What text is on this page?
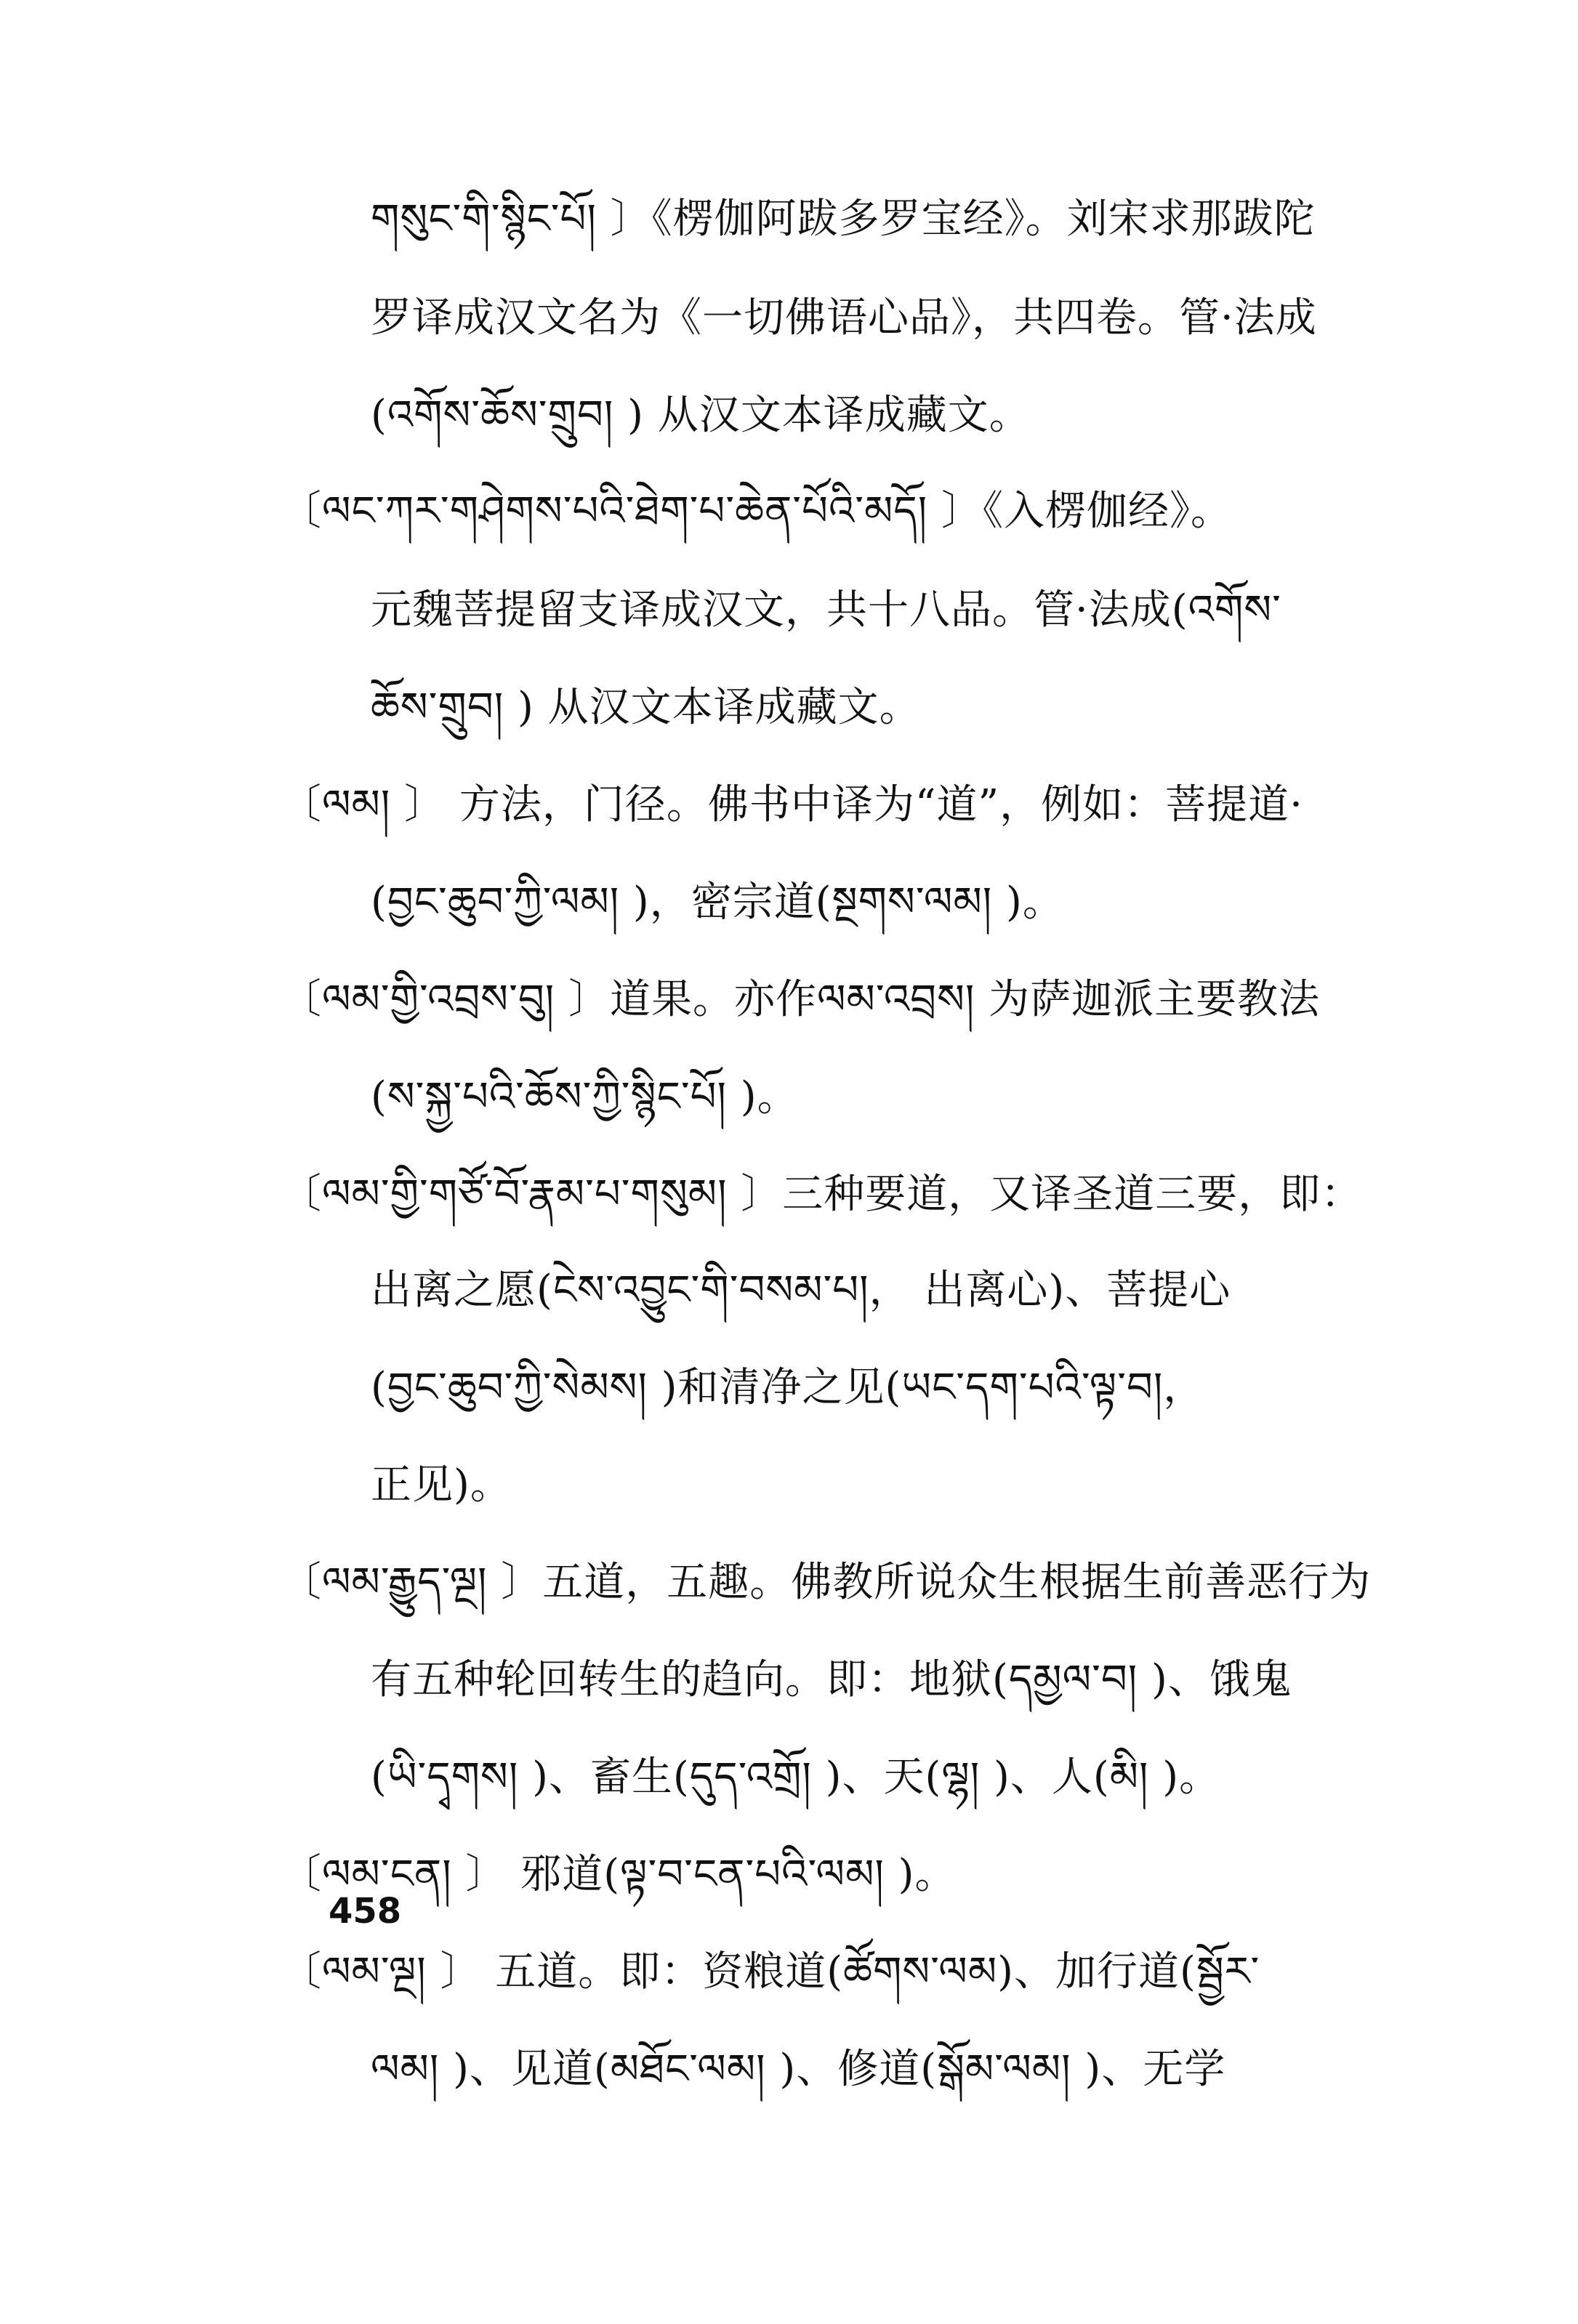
གསུང་གི་སྙིང་པོ། 〕《楞伽阿跋多罗宝经》。刘宋求那跋陀
罗译成汉文名为《一切佛语心品》，共四卷。管·法成
(འགོས་ཆོས་གྲུབ། ) 从汉文本译成藏文。
〔ལང་ཀར་གཤེགས་པའི་ཐེག་པ་ཆེན་པོའི་མདོ། 〕《入楞伽经》。
元魏菩提留支译成汉文，共十八品。管·法成(འགོས་
ཆོས་གྲུབ། ) 从汉文本译成藏文。
〔ལམ། 〕 方法，门径。佛书中译为“道”，例如：菩提道·
(བྱང་ཆུབ་ཀྱི་ལམ། )，密宗道(སྔགས་ལམ། )。
〔ལམ་གྱི་འབྲས་བུ། 〕道果。亦作ལམ་འབྲས། 为萨迦派主要教法
(ས་སྐྱ་པའི་ཆོས་ཀྱི་སྙིང་པོ། )。
〔ལམ་གྱི་གཙོ་བོ་རྣམ་པ་གསུམ། 〕三种要道，又译圣道三要，即：
出离之愿(ངེས་འབྱུང་གི་བསམ་པ།， 出离心)、菩提心
(བྱང་ཆུབ་ཀྱི་སེམས། )和清净之见(ཡང་དག་པའི་ལྟ་བ།，
正见)。
〔ལམ་རྒྱུད་ལྔ། 〕五道，五趣。佛教所说众生根据生前善恶行为
有五种轮回转生的趋向。即：地狱(དམྱལ་བ། )、饿鬼
(ཡི་དྭགས། )、畜生(དུད་འགྲོ། )、天(ལྷ། )、人(མི། )。
〔ལམ་ངན། 〕 邪道(ལྟ་བ་ངན་པའི་ལམ། )。
〔ལམ་ལྔ། 〕 五道。即：资粮道(ཚོགས་ལམ)、加行道(སྦྱོར་
ལམ། )、见道(མཐོང་ལམ། )、修道(སྒོམ་ལམ། )、无学
458
